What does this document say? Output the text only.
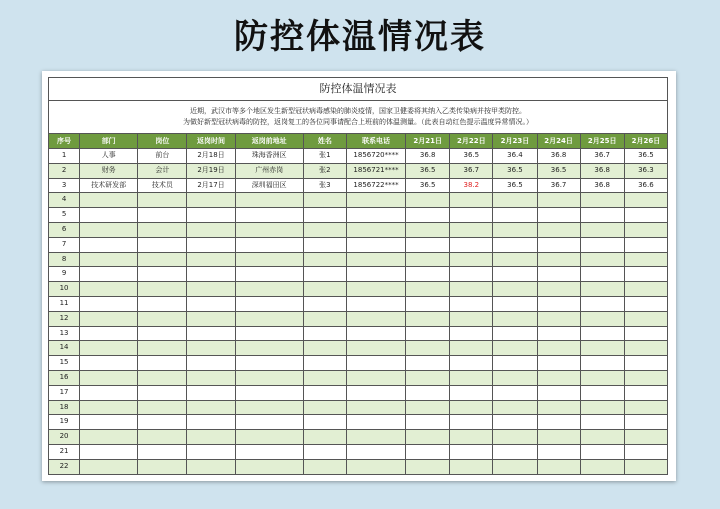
防控体温情况表
防控体温情况表												

近期，武汉市等多个地区发生新型冠状病毒感染的肺炎疫情，国家卫健委将其纳入乙类传染病并按甲类防控。
为做好新型冠状病毒的防控，返岗复工的各位同事请配合上班前的体温测量。（此表自动红色提示温度异常情况。）												

序号	部门	岗位	返岗时间	返岗前地址	姓名	联系电话	2月21日	2月22日	2月23日	2月24日	2月25日	2月26日
1	人事	前台	2月18日	珠海香洲区	张1	1856720****	36.8	36.5	36.4	36.8	36.7	36.5
2	财务	会计	2月19日	广州赤岗	张2	1856721****	36.5	36.7	36.5	36.5	36.8	36.3
3	技术研发部	技术员	2月17日	深圳福田区	张3	1856722****	36.5	38.2	36.5	36.7	36.8	36.6
4												
5												
6												
7												
8												
9												
10												
11												
12												
13												
14												
15												
16												
17												
18												
19												
20												
21												
22												
